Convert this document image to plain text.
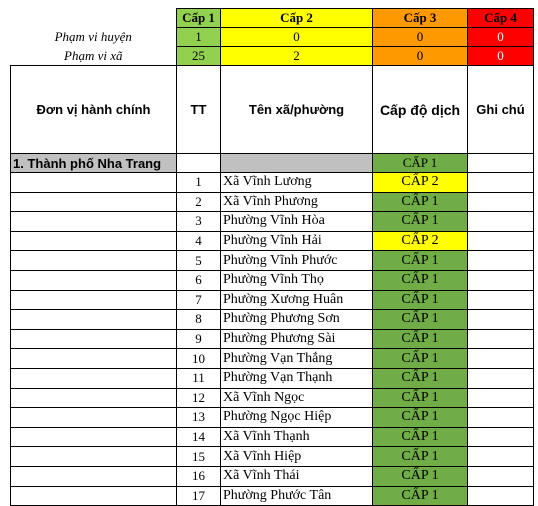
	Cấp 1	Cấp 2	Cấp 3	Cấp 4
Phạm vi huyện	1	0	0	0
Phạm vi xã	25	2	0	0
Đơn vị hành chính	TT	Tên xã/phường	Cấp độ dịch	Ghi chú
1. Thành phố Nha Trang			CẤP 1	
	1	Xã Vĩnh Lương	CẤP 2	
	2	Xã Vĩnh Phương	CẤP 1	
	3	Phường Vĩnh Hòa	CẤP 1	
	4	Phường Vĩnh Hải	CẤP 2	
	5	Phường Vĩnh Phước	CẤP 1	
	6	Phường Vĩnh Thọ	CẤP 1	
	7	Phường Xương Huân	CẤP 1	
	8	Phường Phương Sơn	CẤP 1	
	9	Phường Phương Sài	CẤP 1	
	10	Phường Vạn Thắng	CẤP 1	
	11	Phường Vạn Thạnh	CẤP 1	
	12	Xã Vĩnh Ngọc	CẤP 1	
	13	Phường Ngọc Hiệp	CẤP 1	
	14	Xã Vĩnh Thạnh	CẤP 1	
	15	Xã Vĩnh Hiệp	CẤP 1	
	16	Xã Vĩnh Thái	CẤP 1	
	17	Phường Phước Tân	CẤP 1	
